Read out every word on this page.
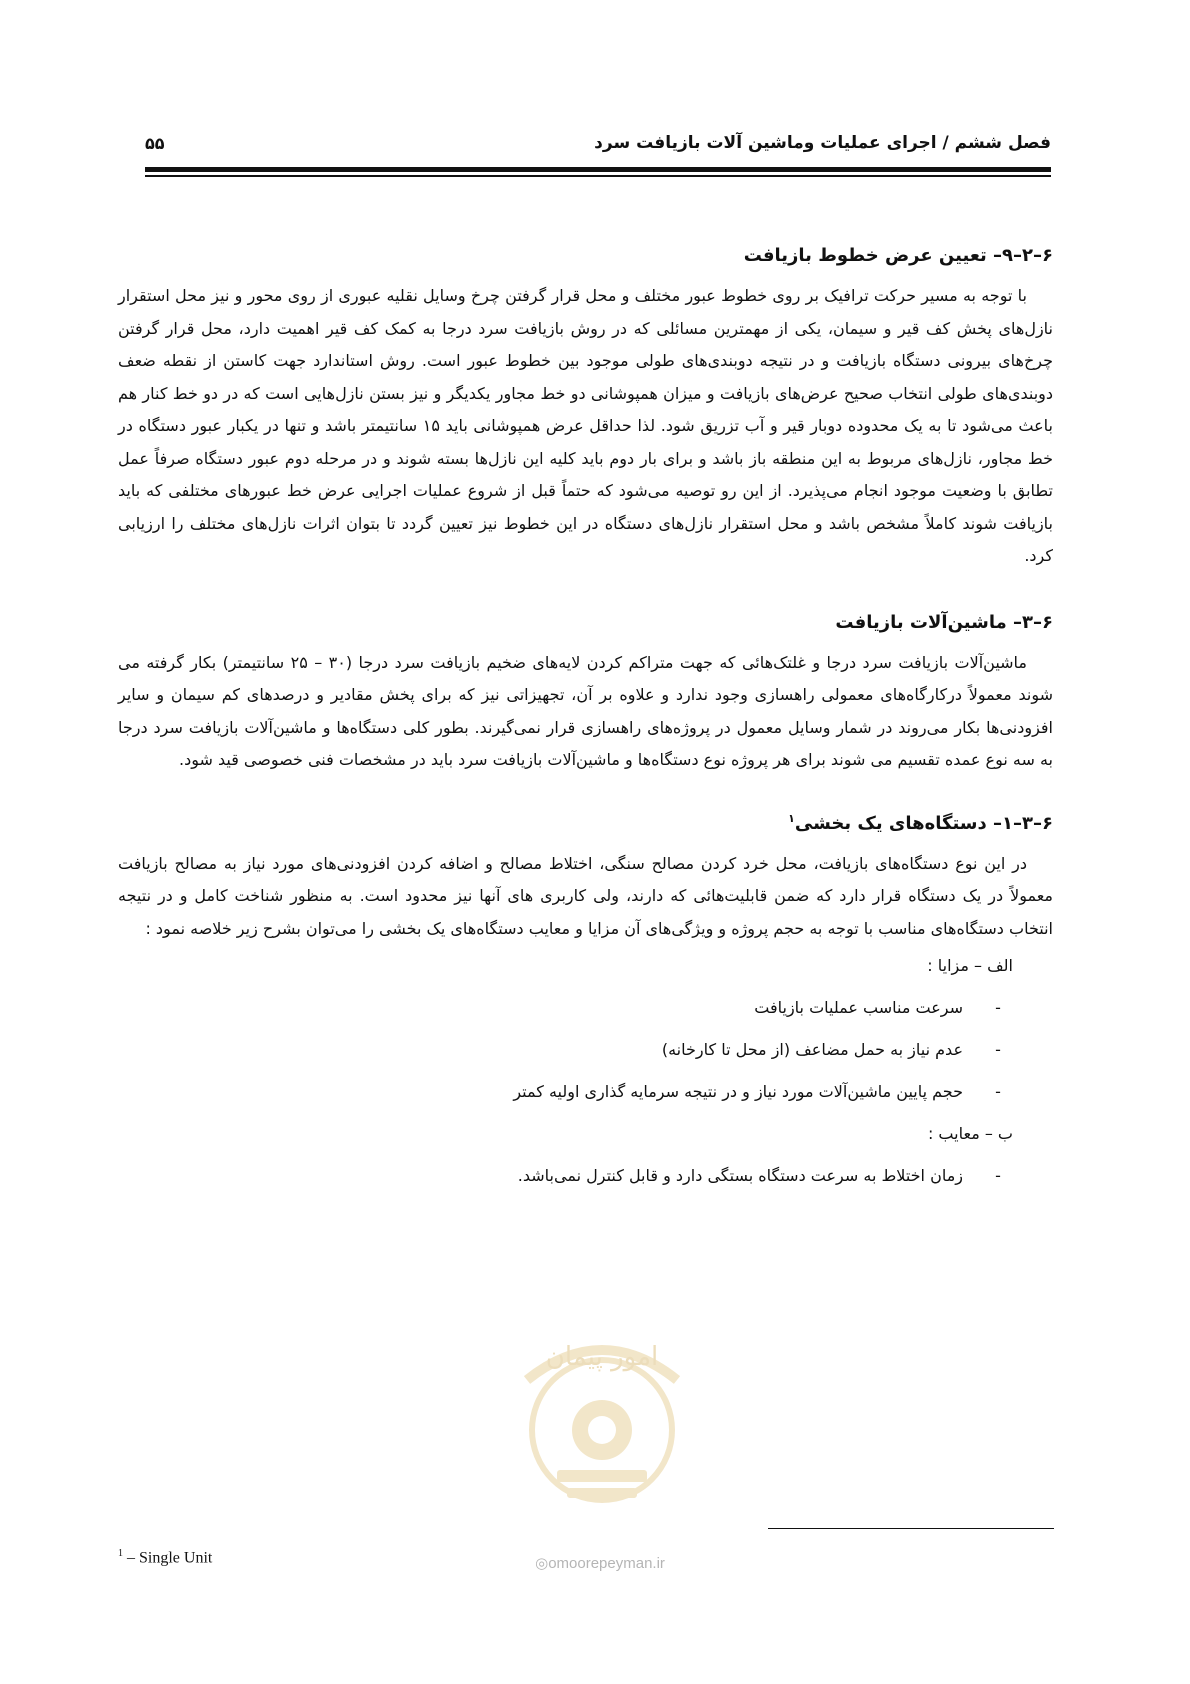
فصل ششم / اجرای عملیات وماشین آلات بازیافت سرد
۵۵
۶–۲–۹– تعیین عرض خطوط بازیافت

با توجه به مسیر حرکت ترافیک بر روی خطوط عبور مختلف و محل قرار گرفتن چرخ وسایل نقلیه عبوری از روی محور و نیز محل استقرار نازل‌های پخش کف قیر و سیمان، یکی از مهمترین مسائلی که در روش بازیافت سرد درجا به کمک کف قیر اهمیت دارد، محل قرار گرفتن چرخ‌های بیرونی دستگاه بازیافت و در نتیجه دوبندی‌های طولی موجود بین خطوط عبور است. روش استاندارد جهت کاستن از نقطه ضعف دوبندی‌های طولی انتخاب صحیح عرض‌های بازیافت و میزان همپوشانی دو خط مجاور یکدیگر و نیز بستن نازل‌هایی است که در دو خط کنار هم باعث می‌شود تا به یک محدوده دوبار قیر و آب تزریق شود. لذا حداقل عرض همپوشانی باید ۱۵ سانتیمتر باشد و تنها در یکبار عبور دستگاه در خط مجاور، نازل‌های مربوط به این منطقه باز باشد و برای بار دوم باید کلیه این نازل‌ها بسته شوند و در مرحله دوم عبور دستگاه صرفاً عمل تطابق با وضعیت موجود انجام می‌پذیرد. از این رو توصیه می‌شود که حتماً قبل از شروع عملیات اجرایی عرض خط عبورهای مختلفی که باید بازیافت شوند کاملاً مشخص باشد و محل استقرار نازل‌های دستگاه در این خطوط نیز تعیین گردد تا بتوان اثرات نازل‌های مختلف را ارزیابی کرد.

۶–۳– ماشین‌آلات بازیافت

ماشین‌آلات بازیافت سرد درجا و غلتک‌هائی که جهت متراکم کردن لایه‌های ضخیم بازیافت سرد درجا (۳۰ – ۲۵ سانتیمتر) بکار گرفته می شوند معمولاً درکارگاه‌های معمولی راهسازی وجود ندارد و علاوه بر آن، تجهیزاتی نیز که برای پخش مقادیر و درصدهای کم سیمان و سایر افزودنی‌ها بکار می‌روند در شمار وسایل معمول در پروژه‌های راهسازی قرار نمی‌گیرند. بطور کلی دستگاه‌ها و ماشین‌آلات بازیافت سرد درجا به سه نوع عمده تقسیم می شوند برای هر پروژه نوع دستگاه‌ها و ماشین‌آلات بازیافت سرد باید در مشخصات فنی خصوصی قید شود.

۶–۳–۱– دستگاه‌های یک بخشی$^۱$

در این نوع دستگاه‌های بازیافت، محل خرد کردن مصالح سنگی، اختلاط مصالح و اضافه کردن افزودنی‌های مورد نیاز به مصالح بازیافت معمولاً در یک دستگاه قرار دارد که ضمن قابلیت‌هائی که دارند، ولی کاربری های آنها نیز محدود است. به منظور شناخت کامل و در نتیجه انتخاب دستگاه‌های مناسب با توجه به حجم پروژه و ویژگی‌های آن مزایا و معایب دستگاه‌های یک بخشی را می‌توان بشرح زیر خلاصه نمود :

الف – مزایا :
-
سرعت مناسب عملیات بازیافت
-
عدم نیاز به حمل مضاعف (از محل تا کارخانه)
-
حجم پایین ماشین‌آلات مورد نیاز و در نتیجه سرمایه گذاری اولیه کمتر
ب – معایب :
-
زمان اختلاط به سرعت دستگاه بستگی دارد و قابل کنترل نمی‌باشد.
امور پیمان
◎omoorepeyman.ir
$^1$ – Single Unit
